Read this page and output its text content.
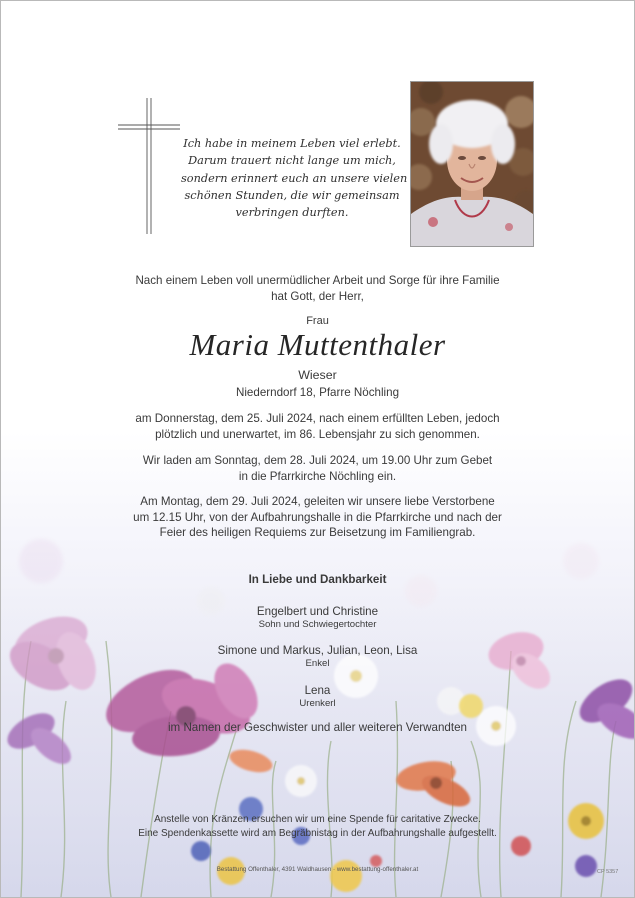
Ich habe in meinem Leben viel erlebt.
Darum trauert nicht lange um mich,
sondern erinnert euch an unsere vielen
schönen Stunden, die wir gemeinsam
verbringen durften.
Nach einem Leben voll unermüdlicher Arbeit und Sorge für ihre Familie
hat Gott, der Herr,
Frau
Maria Muttenthaler
Wieser
Niederndorf 18, Pfarre Nöchling
am Donnerstag, dem 25. Juli 2024, nach einem erfüllten Leben, jedoch
plötzlich und unerwartet, im 86. Lebensjahr zu sich genommen.
Wir laden am Sonntag, dem 28. Juli 2024, um 19.00 Uhr zum Gebet
in die Pfarrkirche Nöchling ein.
Am Montag, dem 29. Juli 2024, geleiten wir unsere liebe Verstorbene
um 12.15 Uhr, von der Aufbahrungshalle in die Pfarrkirche und nach der
Feier des heiligen Requiems zur Beisetzung im Familiengrab.
In Liebe und Dankbarkeit
Engelbert und Christine
Sohn und Schwiegertochter
Simone und Markus, Julian, Leon, Lisa
Enkel
Lena
Urenkerl
im Namen der Geschwister und aller weiteren Verwandten
Anstelle von Kränzen ersuchen wir um eine Spende für caritative Zwecke.
Eine Spendenkassette wird am Begräbnistag in der Aufbahrungshalle aufgestellt.
Bestattung Offenthaler, 4391 Waldhausen · www.bestattung-offenthaler.at	CP 5357
